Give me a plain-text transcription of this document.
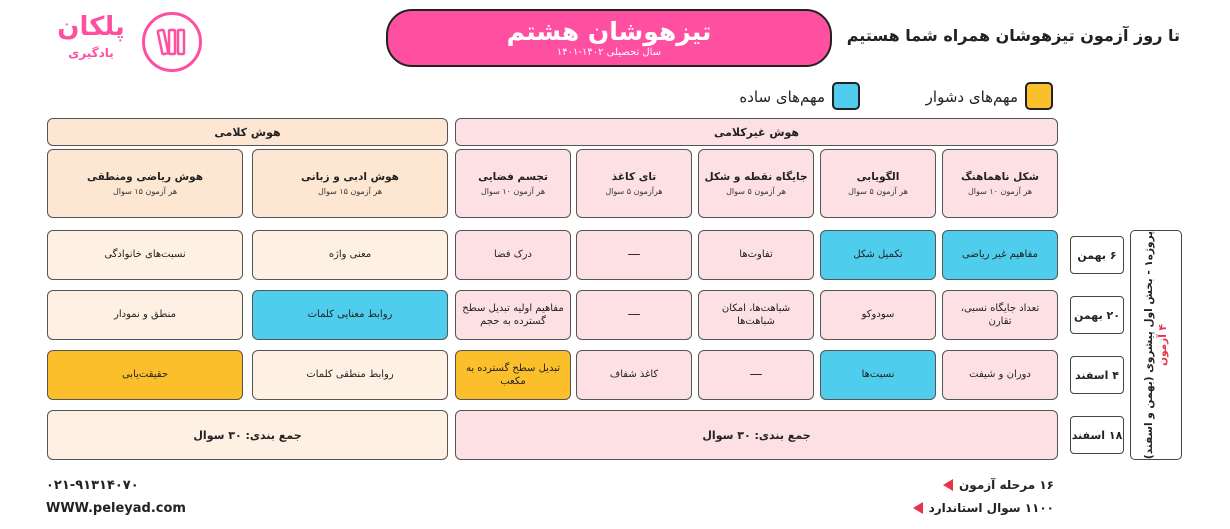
پلکان
یادگیری
تیزهوشان هشتم
سال تحصیلی ۱۴۰۲-۱۴۰۱
تا روز آزمون تیزهوشان همراه شما هستیم
مهم‌های دشوار
مهم‌های ساده
هوش غیرکلامی
هوش کلامی
شکل ناهماهنگ
هر آزمون ۱۰ سوال
الگویابی
هر آزمون ۵ سوال
جایگاه نقطه و شکل
هر آزمون ۵ سوال
تای کاغذ
هرآزمون ۵ سوال
تجسم فضایی
هر آزمون ۱۰ سوال
هوش ادبی و زبانی
هر آزمون ۱۵ سوال
هوش ریاضی ومنطقی
هر آزمون ۱۵ سوال
مفاهیم غیر ریاضی
تکمیل شکل
تفاوت‌ها
—
درک فضا
معنی واژه
نسبت‌های خانوادگی
تعداد جایگاه نسبی، تقارن
سودوکو
شباهت‌ها، امکان شباهت‌ها
—
مفاهیم اولیه تبدیل سطح گسترده به حجم
روابط معنایی کلمات
منطق و نمودار
دوران و شیفت
نسبت‌ها
—
کاغذ شفاف
تبدیل سطح گسترده به مکعب
روابط منطقی کلمات
حقیقت‌یابی
جمع بندی: ۳۰ سوال
جمع بندی: ۳۰ سوال
۶ بهمن
۲۰ بهمن
۴ اسفند
۱۸ اسفند پروژه۱ - بخش اول پیشروی (بهمن و اسفند)
۴ آزمون
۰۲۱-۹۱۳۱۴۰۷۰
WWW.peleyad.com
۱۶ مرحله آزمون
۱۱۰۰ سوال استاندارد
